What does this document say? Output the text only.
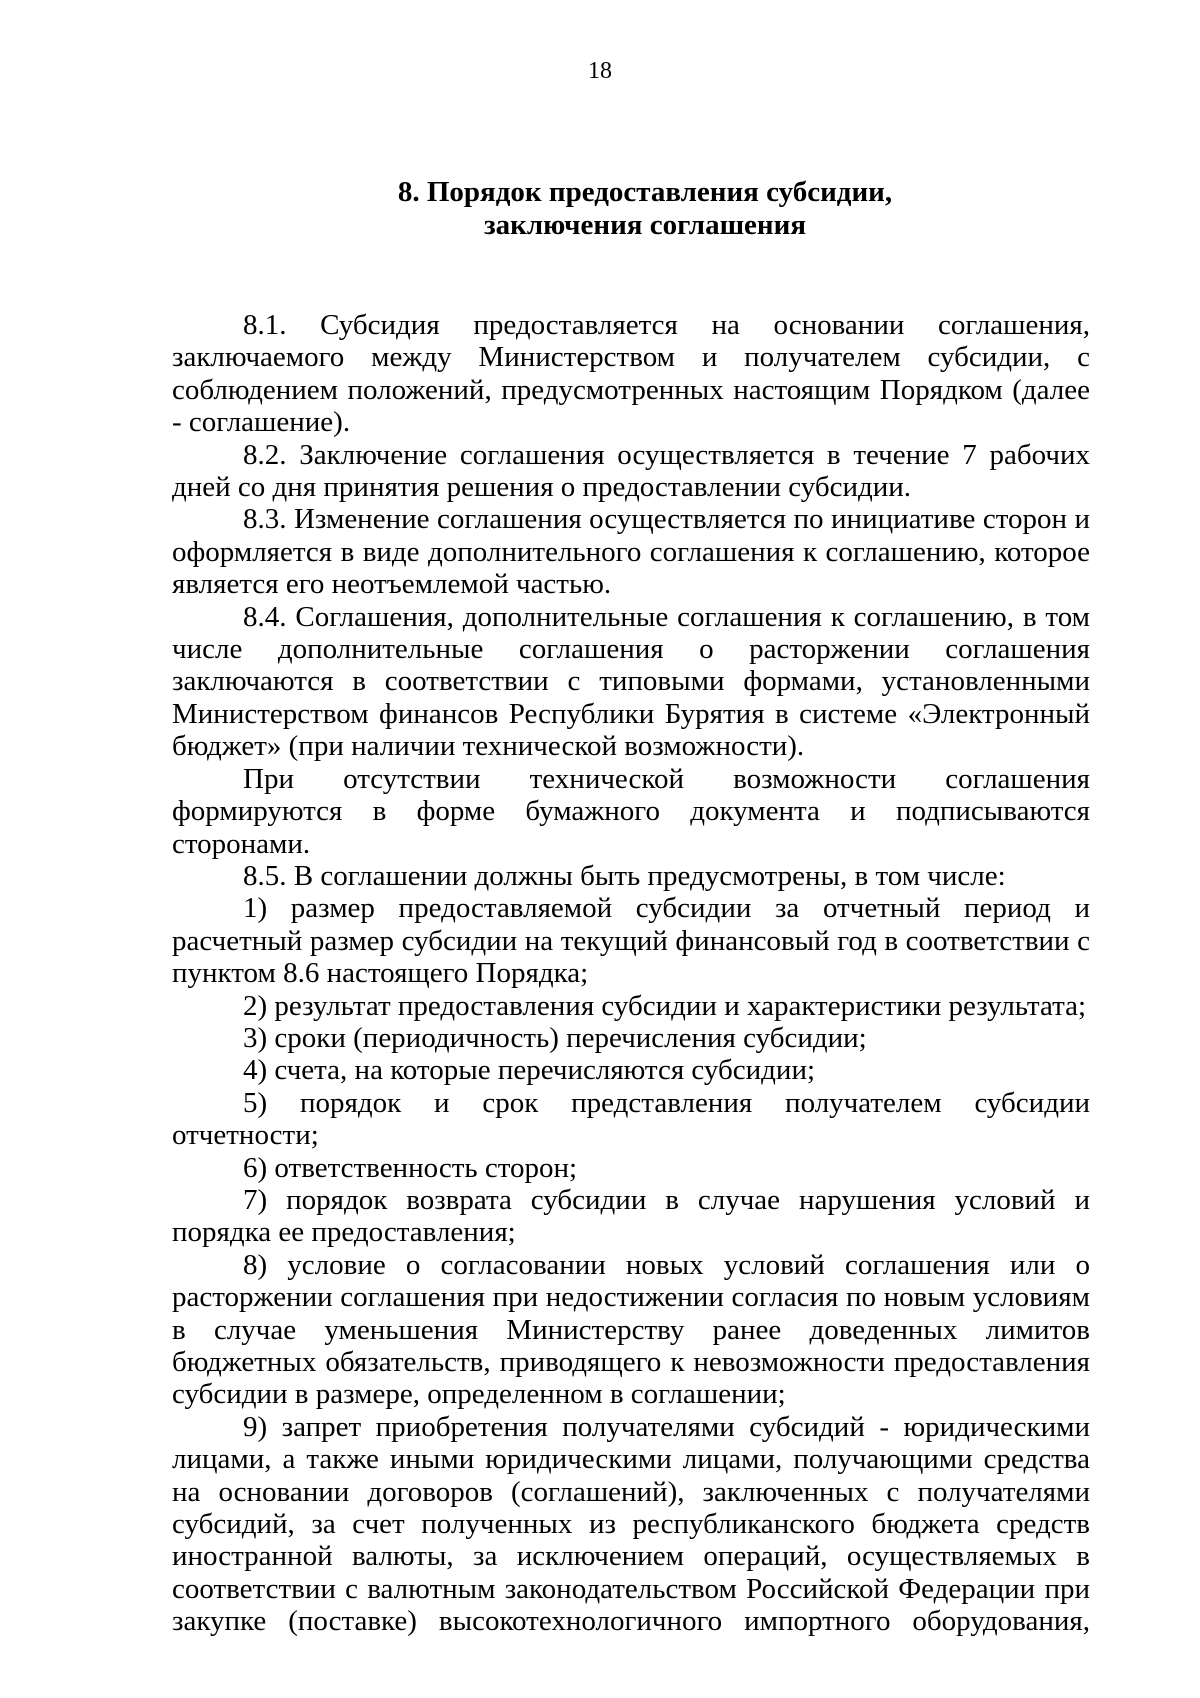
18
8. Порядок предоставления субсидии,
заключения соглашения

8.1. Субсидия предоставляется на основании соглашения, заключаемого между Министерством и получателем субсидии, с соблюдением положений, предусмотренных настоящим Порядком (далее - соглашение).

8.2. Заключение соглашения осуществляется в течение 7 рабочих дней со дня принятия решения о предоставлении субсидии.

8.3. Изменение соглашения осуществляется по инициативе сторон и оформляется в виде дополнительного соглашения к соглашению, которое является его неотъемлемой частью.

8.4. Соглашения, дополнительные соглашения к соглашению, в том числе дополнительные соглашения о расторжении соглашения заключаются в соответствии с типовыми формами, установленными Министерством финансов Республики Бурятия в системе «Электронный бюджет» (при наличии технической возможности).

При отсутствии технической возможности соглашения формируются в форме бумажного документа и подписываются сторонами.

8.5. В соглашении должны быть предусмотрены, в том числе:

1) размер предоставляемой субсидии за отчетный период и расчетный размер субсидии на текущий финансовый год в соответствии с пунктом 8.6 настоящего Порядка;

2) результат предоставления субсидии и характеристики результата;

3) сроки (периодичность) перечисления субсидии;

4) счета, на которые перечисляются субсидии;

5) порядок и срок представления получателем субсидии отчетности;

6) ответственность сторон;

7) порядок возврата субсидии в случае нарушения условий и порядка ее предоставления;

8) условие о согласовании новых условий соглашения или о расторжении соглашения при недостижении согласия по новым условиям в случае уменьшения Министерству ранее доведенных лимитов бюджетных обязательств, приводящего к невозможности предоставления субсидии в размере, определенном в соглашении;

9) запрет приобретения получателями субсидий - юридическими лицами, а также иными юридическими лицами, получающими средства на основании договоров (соглашений), заключенных с получателями субсидий, за счет полученных из республиканского бюджета средств иностранной валюты, за исключением операций, осуществляемых в соответствии с валютным законодательством Российской Федерации при закупке (поставке) высокотехнологичного импортного оборудования,
